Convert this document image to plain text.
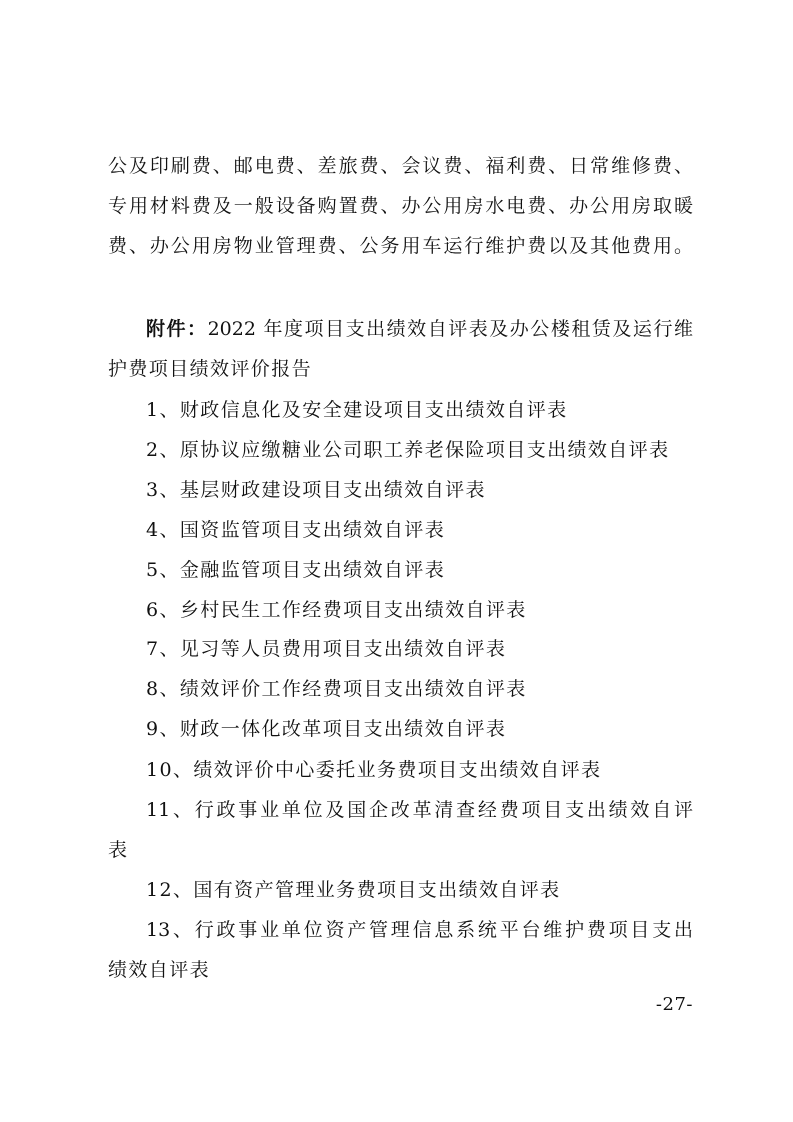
公及印刷费、邮电费、差旅费、会议费、福利费、日常维修费、
专用材料费及一般设备购置费、办公用房水电费、办公用房取暖
费、办公用房物业管理费、公务用车运行维护费以及其他费用。
附件：2022 年度项目支出绩效自评表及办公楼租赁及运行维
护费项目绩效评价报告
1、财政信息化及安全建设项目支出绩效自评表
2、原协议应缴糖业公司职工养老保险项目支出绩效自评表
3、基层财政建设项目支出绩效自评表
4、国资监管项目支出绩效自评表
5、金融监管项目支出绩效自评表
6、乡村民生工作经费项目支出绩效自评表
7、见习等人员费用项目支出绩效自评表
8、绩效评价工作经费项目支出绩效自评表
9、财政一体化改革项目支出绩效自评表
10、绩效评价中心委托业务费项目支出绩效自评表
11、行政事业单位及国企改革清查经费项目支出绩效自评
表
12、国有资产管理业务费项目支出绩效自评表
13、行政事业单位资产管理信息系统平台维护费项目支出
绩效自评表
-27-
